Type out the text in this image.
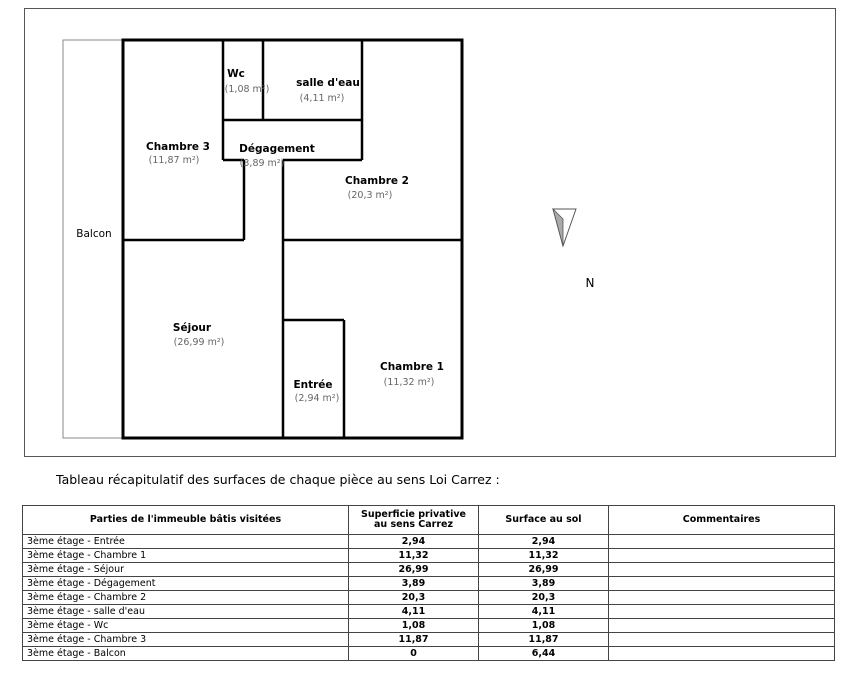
Wc
(1,08 m²)
salle d'eau
(4,11 m²)
Chambre 3
(11,87 m²)
Dégagement
(3,89 m²)
Chambre 2
(20,3 m²)
Séjour
(26,99 m²)
Entrée
(2,94 m²)
Chambre 1
(11,32 m²)
Balcon
N
Tableau récapitulatif des surfaces de chaque pièce au sens Loi Carrez :
Parties de l'immeuble bâtis visitées	Superficie privative au sens Carrez	Surface au sol	Commentaires
3ème étage - Entrée	2,94	2,94	
3ème étage - Chambre 1	11,32	11,32	
3ème étage - Séjour	26,99	26,99	
3ème étage - Dégagement	3,89	3,89	
3ème étage - Chambre 2	20,3	20,3	
3ème étage - salle d'eau	4,11	4,11	
3ème étage - Wc	1,08	1,08	
3ème étage - Chambre 3	11,87	11,87	
3ème étage - Balcon	0	6,44	
